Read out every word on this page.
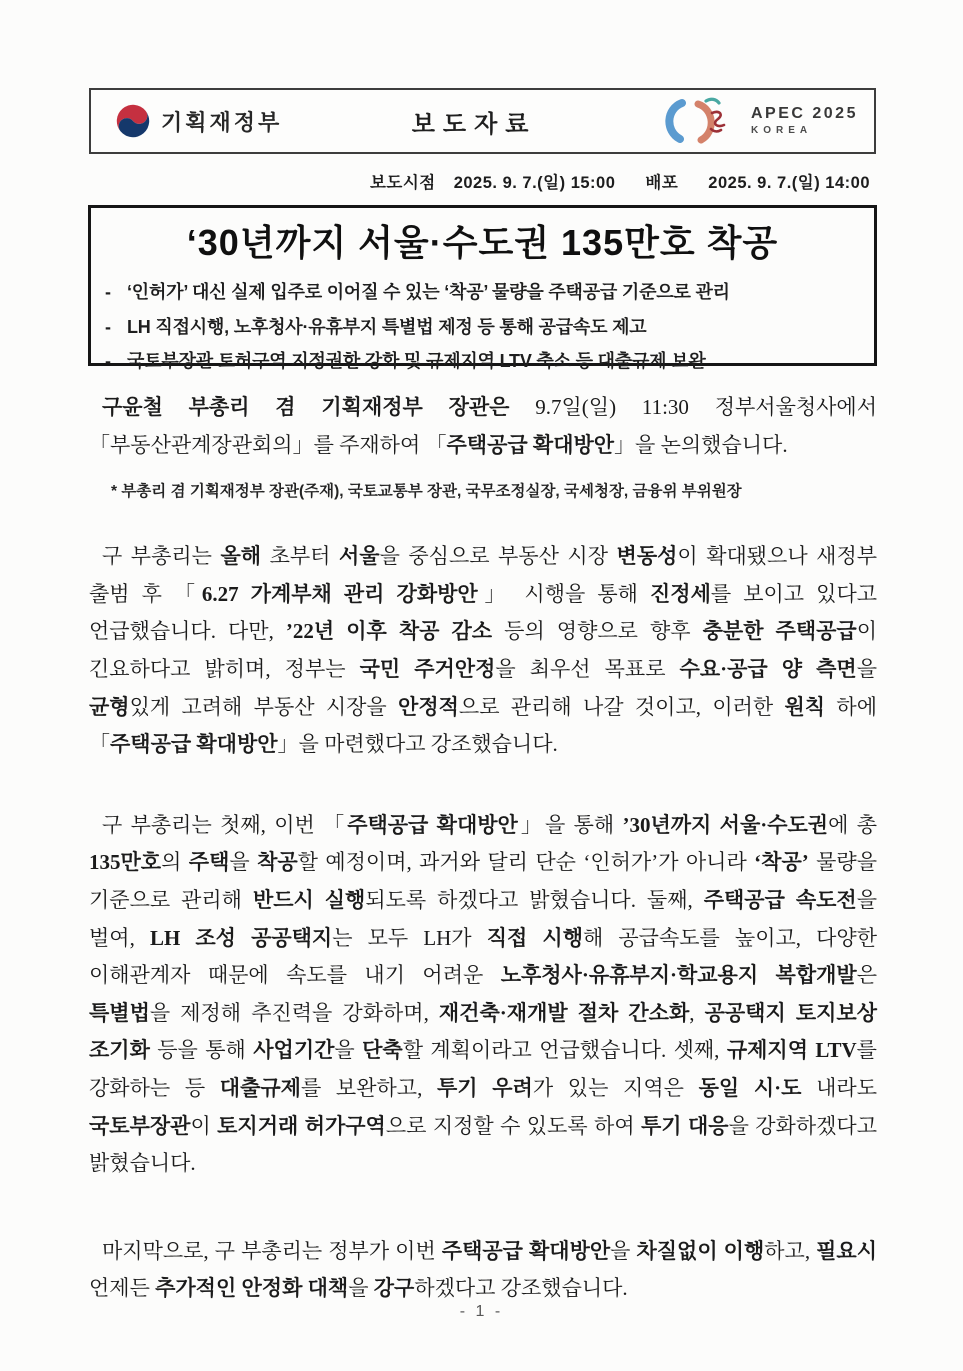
기획재정부	보도자료	APEC 2025
KOREA
보도시점 2025. 9. 7.(일) 15:00 배포 2025. 9. 7.(일) 14:00
‘30년까지 서울·수도권 135만호 착공
- ‘인허가’ 대신 실제 입주로 이어질 수 있는 ‘착공’ 물량을 주택공급 기준으로 관리
- LH 직접시행, 노후청사·유휴부지 특별법 제정 등 통해 공급속도 제고
- 국토부장관 토허구역 지정권한 강화 및 규제지역 LTV 축소 등 대출규제 보완

구윤철 부총리 겸 기획재정부 장관은 9.7일(일) 11:30 정부서울청사에서 「부동산관계장관회의」를 주재하여 「주택공급 확대방안」을 논의했습니다.

* 부총리 겸 기획재정부 장관(주재), 국토교통부 장관, 국무조정실장, 국세청장, 금융위 부위원장

구 부총리는 올해 초부터 서울을 중심으로 부동산 시장 변동성이 확대됐으나 새정부 출범 후 「6.27 가계부채 관리 강화방안」 시행을 통해 진정세를 보이고 있다고 언급했습니다. 다만, ’22년 이후 착공 감소 등의 영향으로 향후 충분한 주택공급이 긴요하다고 밝히며, 정부는 국민 주거안정을 최우선 목표로 수요·공급 양 측면을 균형있게 고려해 부동산 시장을 안정적으로 관리해 나갈 것이고, 이러한 원칙 하에 「주택공급 확대방안」을 마련했다고 강조했습니다.

구 부총리는 첫째, 이번 「주택공급 확대방안」을 통해 ’30년까지 서울·수도권에 총 135만호의 주택을 착공할 예정이며, 과거와 달리 단순 ‘인허가’가 아니라 ‘착공’ 물량을 기준으로 관리해 반드시 실행되도록 하겠다고 밝혔습니다. 둘째, 주택공급 속도전을 벌여, LH 조성 공공택지는 모두 LH가 직접 시행해 공급속도를 높이고, 다양한 이해관계자 때문에 속도를 내기 어려운 노후청사·유휴부지·학교용지 복합개발은 특별법을 제정해 추진력을 강화하며, 재건축·재개발 절차 간소화, 공공택지 토지보상 조기화 등을 통해 사업기간을 단축할 계획이라고 언급했습니다. 셋째, 규제지역 LTV를 강화하는 등 대출규제를 보완하고, 투기 우려가 있는 지역은 동일 시·도 내라도 국토부장관이 토지거래 허가구역으로 지정할 수 있도록 하여 투기 대응을 강화하겠다고 밝혔습니다.

마지막으로, 구 부총리는 정부가 이번 주택공급 확대방안을 차질없이 이행하고, 필요시 언제든 추가적인 안정화 대책을 강구하겠다고 강조했습니다.

- 1 -
